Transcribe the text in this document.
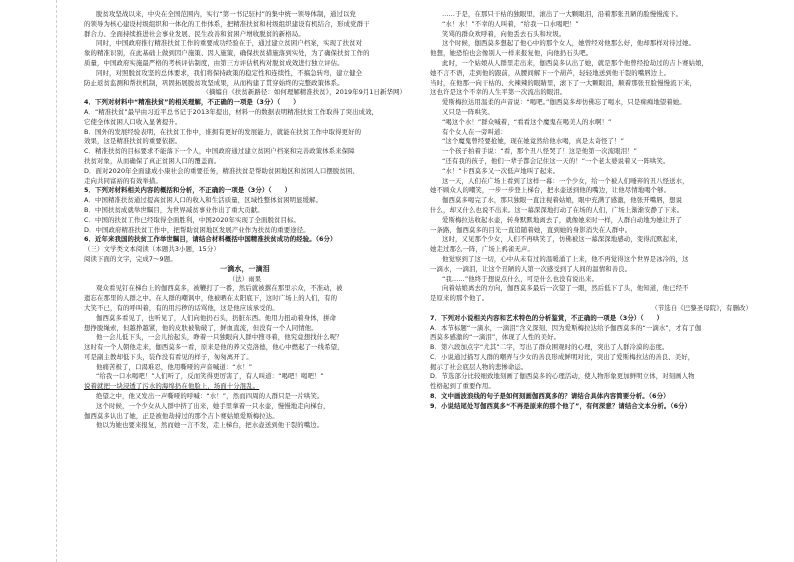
脱贫攻坚战以来，中央在全国范围内，实行“第一书记驻村”的集中统一领导体制，通过以党
的领导为核心建设村级组织和一体化的工作体系，把精准扶贫和村级组织建设有机结合，形成党群干
群合力、全面持续推进社会事业发展、民生改善和贫困户增收脱贫的新格局。
同时，中国政府推行精准扶贫工作的重要成功经验在于，通过建立贫困户档案，实现了扶贫对
象的精准识别，在此基础上做到因户施策、因人施策，确保扶贫措施落到实处，为了确保扶贫工作的
质量，中国政府实施最严格的考核评估制度，由第三方评估机构对脱贫成效进行独立评估。
同时，对照脱贫攻坚的总体要求，我们将保持政策的稳定性和连续性，不搞急转弯，建立健全
防止返贫监测和帮扶机制，巩固拓展脱贫攻坚成果，从而构建了贯穿始终的完整政策体系。
（摘编自《扶贫新路径：如何理解精准扶贫》，2019年9月1日新华网）
4．下列对材料中“精准扶贫”的相关理解，不正确的一项是（3分）（　　）
A．“精准扶贫”最早由习近平总书记于2013年提出，材料一的数据表明精准扶贫工作取得了突出成效，
它使全体贫困人口收入显著提升。
B．国外的发展经验表明，在扶贫工作中，谁拥有更好的发展能力，就能在扶贫工作中取得更好的
效果，这是精准扶贫的重要依据。
C．精准扶贫的目标要求不能落下一个人，中国政府通过建立贫困户档案和完善政策体系来保障
扶贫对象，从而确保了真正贫困人口的覆盖面。
D．面对2020年全面建成小康社会的重要任务，精准扶贫是帮助贫困地区和贫困人口摆脱贫困、
走向共同富裕的有效举措。
5．下列对材料相关内容的概括和分析，不正确的一项是（3分）（　　）
A．中国精准扶贫通过提高贫困人口的收入和生活质量，区域性整体贫困明显缓解。
B．中国扶贫成就举世瞩目，为世界减贫事业作出了重大贡献。
C．中国的扶贫工作已经取得全面胜利，中国2020年实现了全面脱贫目标。
D．中国政府精准扶贫工作中，把帮助贫困地区发展产业作为扶贫的重要途径。
6．近年来我国的扶贫工作举世瞩目，请结合材料概括中国精准扶贫成功的经验。（6分）
（三）文学类文本阅读（本题共3小题，15分）
阅读下面的文字，完成7～9题。
一滴水，一滴泪
（法）雨果
观众看见钉在梯台上的伽西莫多，被鞭打了一番，然后就被撂在那里示众，不准动，被
遗忘在那里的人群之中。在人群的嘲讽中，他被晒在太阳底下，这时广场上的人们，有的
大笑不已，有的呼叫着，有的用污秽的话骂他，这是他应该承受的。
伽西莫多看见了，也听见了，人们向他扔石头，扔脏东西。他用力扭动着身体，拼命
想挣脱绳索，但越挣越紧，他的皮肤被勒破了，鲜血直流，但没有一个人同情他。
他一会儿低下头，一会儿抬起头，睁着一只独眼向人群中搜寻着，他究竟想找什么呢？
这时有一个人朝他走来，伽西莫多一看，原来是他的养父克洛德，他心中燃起了一线希望，
可是副主教却低下头，装作没有看见的样子，匆匆离开了。
他痛苦极了，口渴难忍，他用嘶哑的声音喊道：“水！”
“给我一口水喝吧！”人们听了，反而笑得更厉害了，有人叫道：“喝吧！喝吧！”
说着就把一块浸透了污水的海绵扔在他脸上，场面十分混乱。
绝望之中，他又发出一声嘶哑的呼喊：“水！”，然而四周的人群只是一片哄笑。
这个时候，一个少女从人群中挤了出来，她手里拿着一只水壶，慢慢地走向梯台，
伽西莫多认出了她，正是被他劫持过的那个吉卜赛姑娘爱斯梅拉达。
他以为她也要来报复，然而她一言不发，走上梯台，把水壶送到他干裂的嘴边。
……于是，在那只干枯的独眼里，滚出了一大颗眼泪，沿着那张丑陋的脸慢慢流下。
“水！水！”不幸的人叫着，“给我一口水喝吧！”
笑骂的群众欢呼着，向他丢去石头和垃圾。
这个时候，伽西莫多想起了他心中的那个女人，她曾经对他那么好，他却那样对待过她。
他想，她恐怕也会像别人一样来报复他，向他扔石头吧。
此时，一个姑娘从人群里走出来，伽西莫多认出了她，就是那个他曾经抢劫过的吉卜赛姑娘，
她不言不语，走到他的跟前，从腰间解下一个葫芦，轻轻地送到他干裂的嘴唇边上。
当时，在他那一向干枯的、火辣辣的眼睛里，滚下了一大颗眼泪，顺着那张丑脸慢慢流下来，
这也许是这个不幸的人生平第一次流出的眼泪。
爱斯梅拉达用温柔的声音说：“喝吧。”伽西莫多却仿佛忘了喝水，只是痴痴地望着她。
又只是一阵哄笑。
“喝这个水！”群众喊着，“看看这个魔鬼在喝美人的水啊！”
有个女人在一旁叫道：
“这个魔鬼曾经要抢她，现在她竟然给他水喝，真是太奇怪了！”
一个孩子拍着手说：“看，那个丑八怪哭了！这是他第一次流眼泪！”
“还有我的孩子，他们一辈子都会记住这一天的！”一个老太婆说着又一阵哄笑。
“水！”卡西莫多又一次低声地叫了起来。
这一天，人们在广场上看到了这样一幕：一个少女，给一个被人们唾弃的丑八怪送水，
她不顾众人的嘲笑，一步一步登上梯台，把水壶送到他的嘴边，让他尽情地喝个够。
伽西莫多喝完了水，那只独眼一直注视着姑娘，眼中充满了感激，他张开嘴唇，想说
什么，却又什么也说不出来。这一幕深深地打动了在场的人们，广场上渐渐安静了下来。
爱斯梅拉达收起水壶，转身默默地离去了，就像她来时一样，人群自动地为她让开了
一条路，伽西莫多的目光一直追随着她，直到她的身影消失在人群中。
这时，又见那个少女，人们不再哄笑了，仿佛被这一幕深深地感动，变得沉默起来，
她走过那么一阵，广场上鸦雀无声。
他觉察到了这一切，心中从未有过的温暖涌了上来，他不再觉得这个世界是冰冷的，这
一滴水，一滴泪，让这个丑陋的人第一次感受到了人间的温情和善良。
“我……”他终于想说点什么，可是什么也没有说出来。
向着姑娘离去的方向，伽西莫多最后一次望了一眼，然后低下了头，他知道，他已经不
是原来的那个他了。
（节选自《巴黎圣母院》，有删改）
7．下列对小说相关内容和艺术特色的分析鉴赏，不正确的一项是（3分）（　　）
A．本节标题“一滴水，一滴泪”含义深刻，因为爱斯梅拉达给予伽西莫多的“一滴水”，才有了伽
西莫多感激的“一滴泪”，体现了人性的美好。
B．第六段加点字“尤其”二字，写出了群众围观时的心理，突出了人群冷漠的态度。
C．小说通过描写人群的嘲弄与少女的善良形成鲜明对比，突出了爱斯梅拉达的善良、美好，
揭示了社会底层人物的悲惨命运。
D．节选部分比较细致地刻画了伽西莫多的心理活动，使人物形象更加鲜明立体，对刻画人物
性格起到了重要作用。
8．文中画波浪线的句子是如何刻画伽西莫多的？请结合具体内容简要分析。（6分）
9．小说结尾处写伽西莫多“不再是原来的那个他了”，有何深意？请结合文本分析。（6分）
